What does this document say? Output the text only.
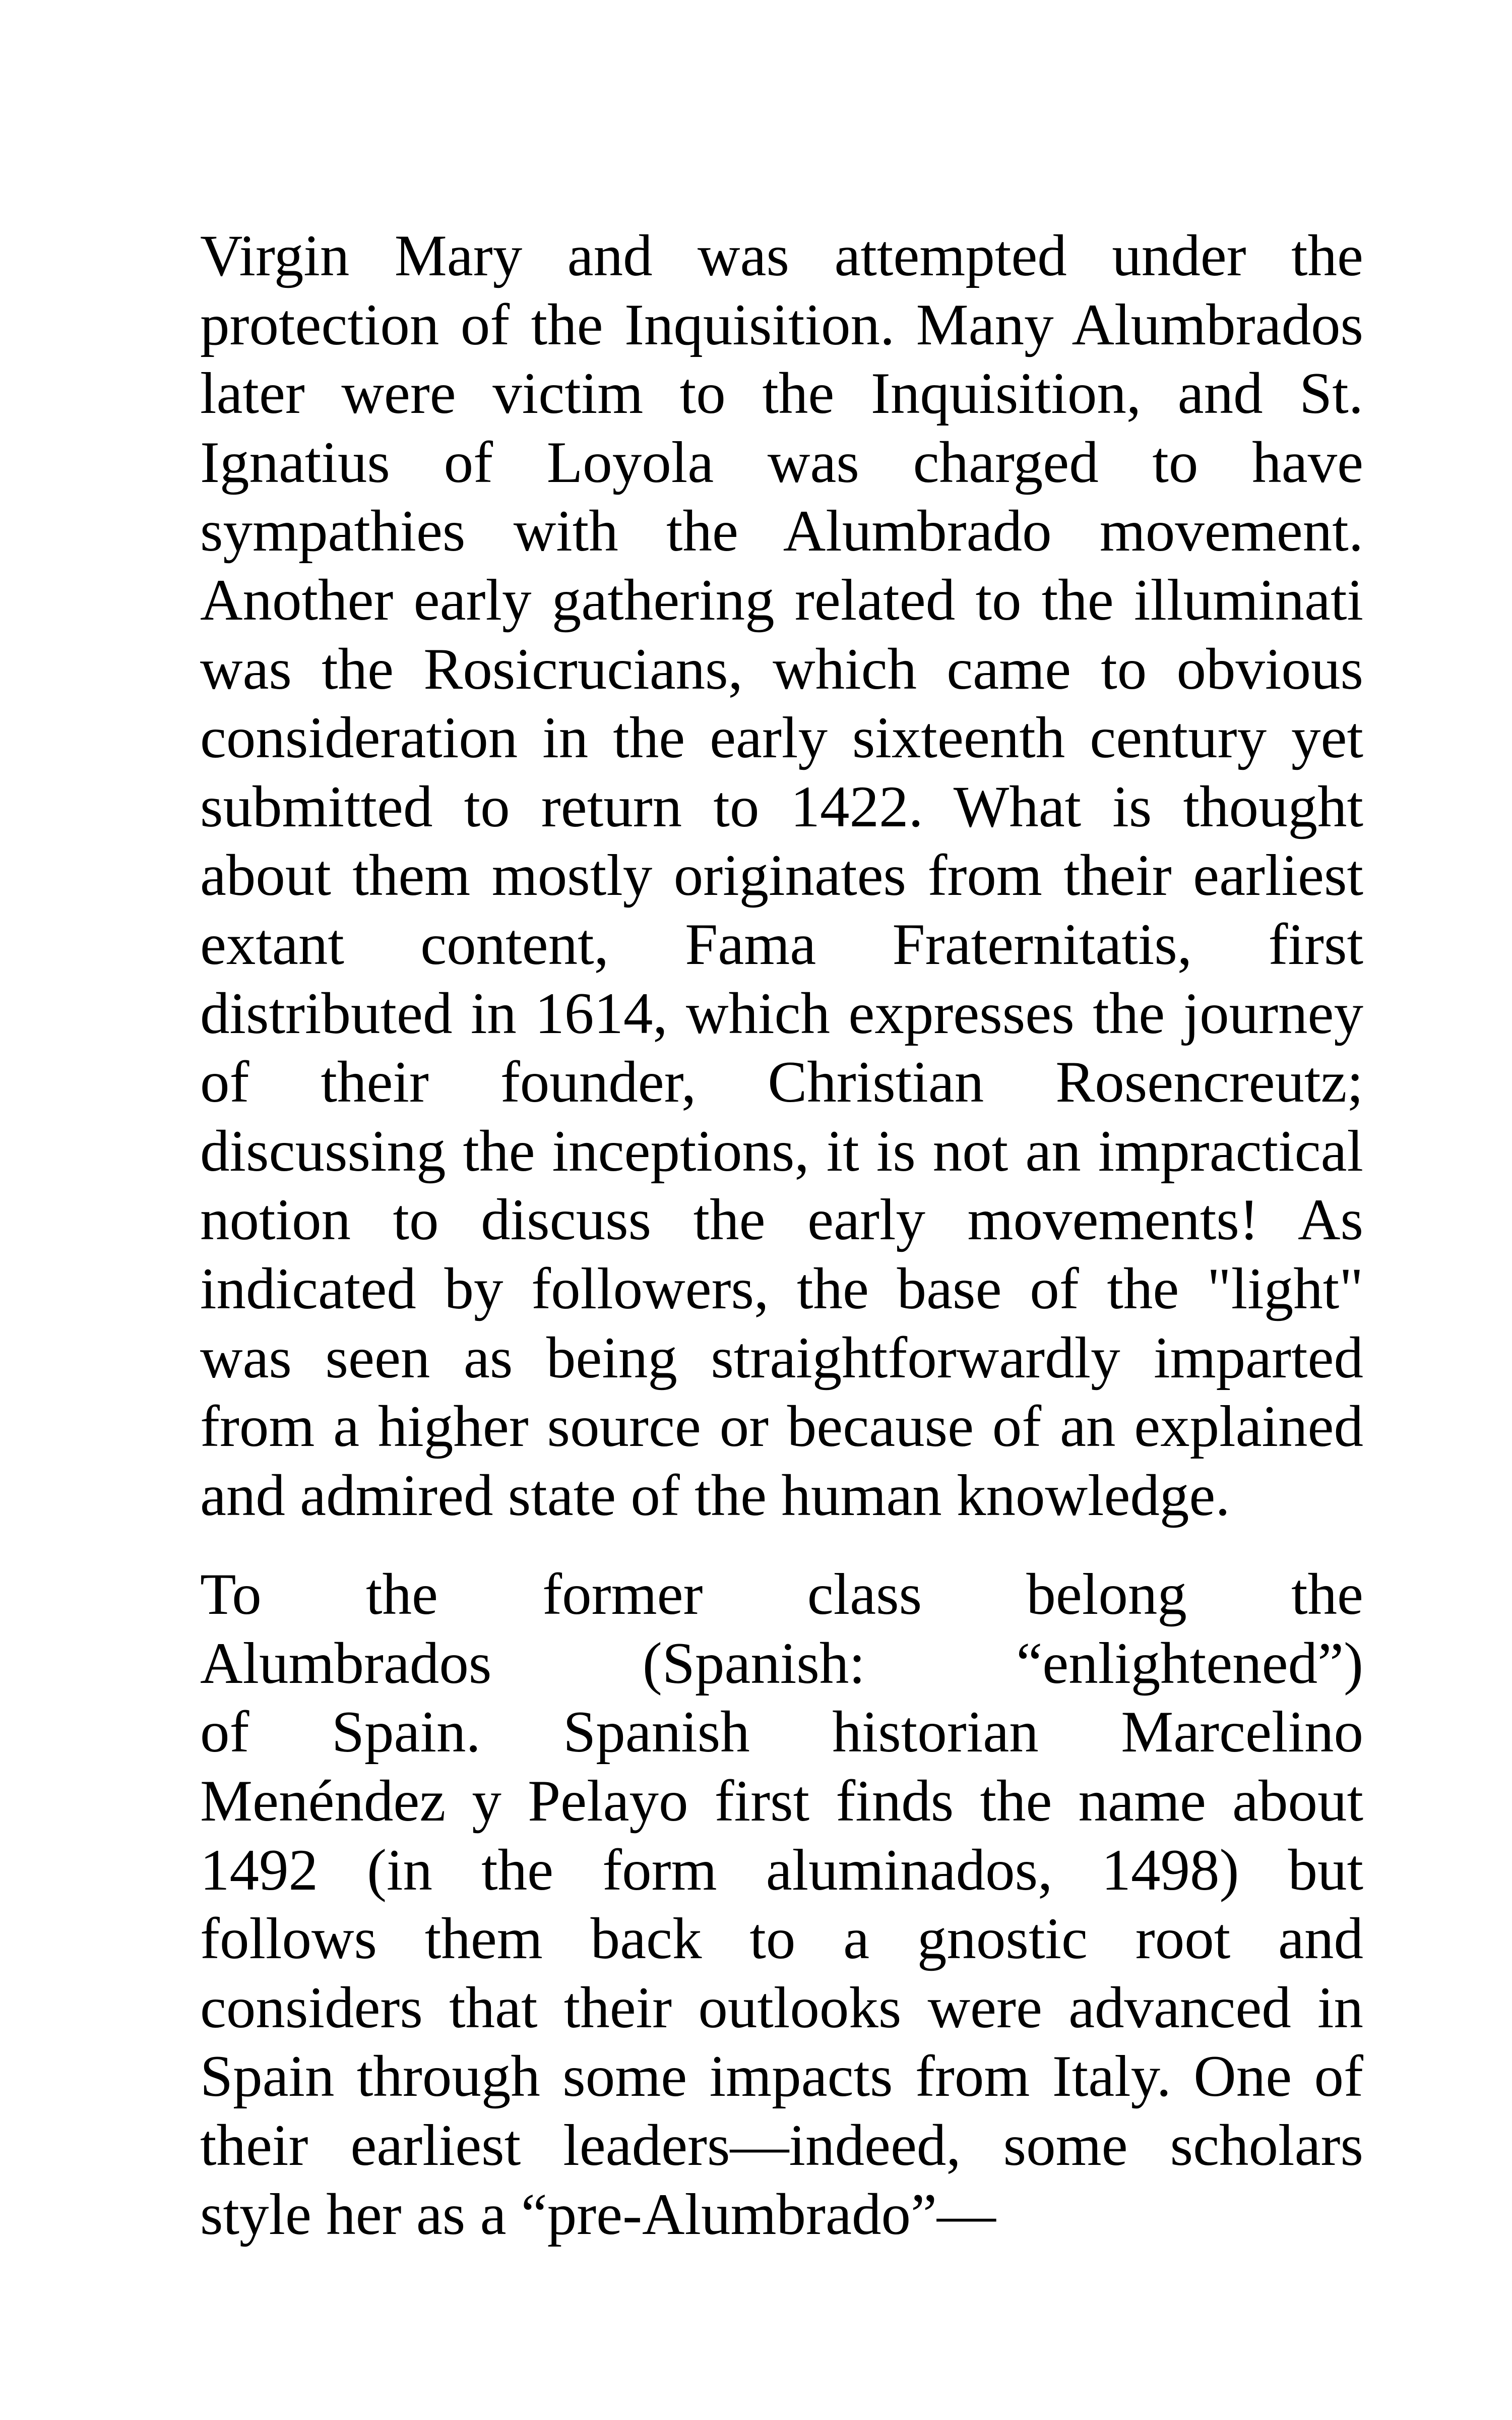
Virgin Mary and was attempted under the
protection of the Inquisition. Many Alumbrados
later were victim to the Inquisition, and St.
Ignatius of Loyola was charged to have
sympathies with the Alumbrado movement.
Another early gathering related to the illuminati
was the Rosicrucians, which came to obvious
consideration in the early sixteenth century yet
submitted to return to 1422. What is thought
about them mostly originates from their earliest
extant content, Fama Fraternitatis, first
distributed in 1614, which expresses the journey
of their founder, Christian Rosencreutz;
discussing the inceptions, it is not an impractical
notion to discuss the early movements! As
indicated by followers, the base of the "light"
was seen as being straightforwardly imparted
from a higher source or because of an explained
and admired state of the human knowledge.

To the former class belong the
Alumbrados (Spanish: “enlightened”)
of Spain. Spanish historian Marcelino
Menéndez y Pelayo first finds the name about
1492 (in the form aluminados, 1498) but
follows them back to a gnostic root and
considers that their outlooks were advanced in
Spain through some impacts from Italy. One of
their earliest leaders—indeed, some scholars
style her as a “pre-Alumbrado”—
